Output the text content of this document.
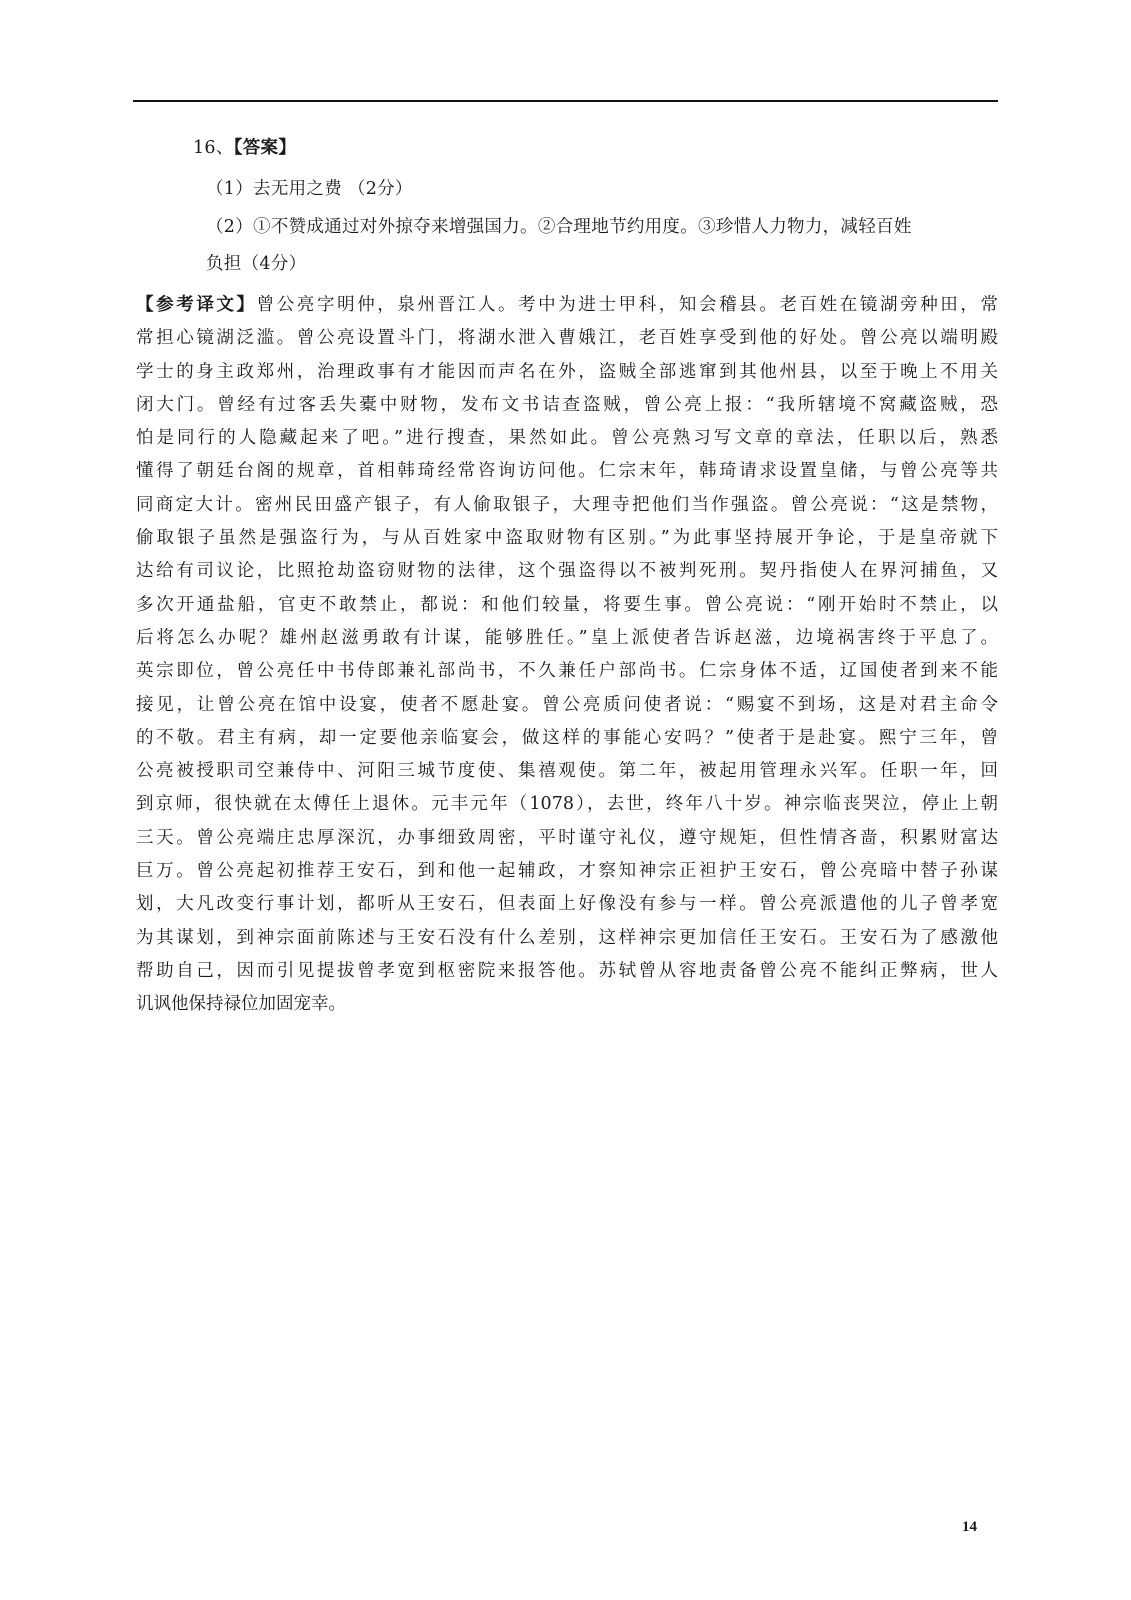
16、【答案】
（1）去无用之费 （2分）
（2）①不赞成通过对外掠夺来增强国力。②合理地节约用度。③珍惜人力物力，减轻百姓
负担（4分）
【参考译文】曾公亮字明仲，泉州晋江人。考中为进士甲科，知会稽县。老百姓在镜湖旁种田，常
常担心镜湖泛滥。曾公亮设置斗门，将湖水泄入曹娥江，老百姓享受到他的好处。曾公亮以端明殿
学士的身主政郑州，治理政事有才能因而声名在外，盗贼全部逃窜到其他州县，以至于晚上不用关
闭大门。曾经有过客丢失橐中财物，发布文书诘查盗贼，曾公亮上报：“我所辖境不窝藏盗贼，恐
怕是同行的人隐藏起来了吧。”进行搜查，果然如此。曾公亮熟习写文章的章法，任职以后，熟悉
懂得了朝廷台阁的规章，首相韩琦经常咨询访问他。仁宗末年，韩琦请求设置皇储，与曾公亮等共
同商定大计。密州民田盛产银子，有人偷取银子，大理寺把他们当作强盗。曾公亮说：“这是禁物，
偷取银子虽然是强盗行为，与从百姓家中盗取财物有区别。”为此事坚持展开争论，于是皇帝就下
达给有司议论，比照抢劫盗窃财物的法律，这个强盗得以不被判死刑。契丹指使人在界河捕鱼，又
多次开通盐船，官吏不敢禁止，都说：和他们较量，将要生事。曾公亮说：“刚开始时不禁止，以
后将怎么办呢？雄州赵滋勇敢有计谋，能够胜任。”皇上派使者告诉赵滋，边境祸害终于平息了。
英宗即位，曾公亮任中书侍郎兼礼部尚书，不久兼任户部尚书。仁宗身体不适，辽国使者到来不能
接见，让曾公亮在馆中设宴，使者不愿赴宴。曾公亮质问使者说：“赐宴不到场，这是对君主命令
的不敬。君主有病，却一定要他亲临宴会，做这样的事能心安吗？”使者于是赴宴。熙宁三年，曾
公亮被授职司空兼侍中、河阳三城节度使、集禧观使。第二年，被起用管理永兴军。任职一年，回
到京师，很快就在太傅任上退休。元丰元年（1078），去世，终年八十岁。神宗临丧哭泣，停止上朝
三天。曾公亮端庄忠厚深沉，办事细致周密，平时谨守礼仪，遵守规矩，但性情吝啬，积累财富达
巨万。曾公亮起初推荐王安石，到和他一起辅政，才察知神宗正袒护王安石，曾公亮暗中替子孙谋
划，大凡改变行事计划，都听从王安石，但表面上好像没有参与一样。曾公亮派遣他的儿子曾孝宽
为其谋划，到神宗面前陈述与王安石没有什么差别，这样神宗更加信任王安石。王安石为了感激他
帮助自己，因而引见提拔曾孝宽到枢密院来报答他。苏轼曾从容地责备曾公亮不能纠正弊病，世人
讥讽他保持禄位加固宠幸。
14
